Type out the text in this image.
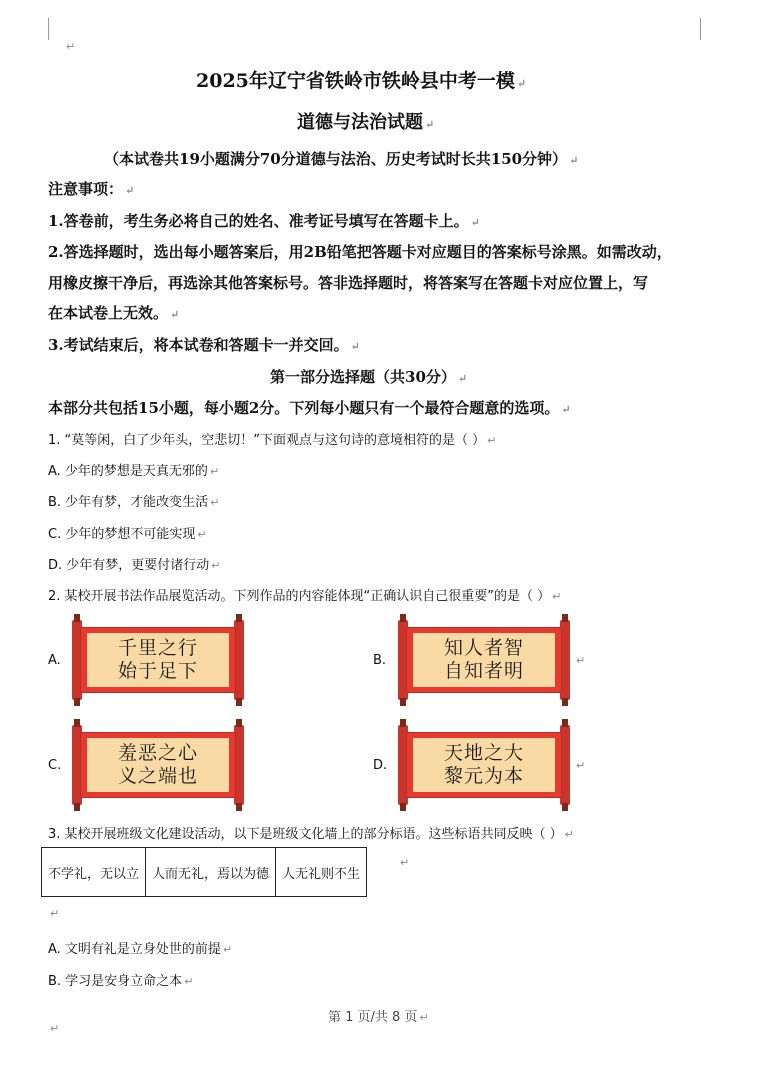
↵
2025年辽宁省铁岭市铁岭县中考一模 ↵
道德与法治试题 ↵
（本试卷共19小题满分70分道德与法治、历史考试时长共150分钟） ↵
注意事项： ↵
1.答卷前，考生务必将自己的姓名、准考证号填写在答题卡上。 ↵
2.答选择题时，选出每小题答案后，用2B铅笔把答题卡对应题目的答案标号涂黑。如需改动，
用橡皮擦干净后，再选涂其他答案标号。答非选择题时，将答案写在答题卡对应位置上，写
在本试卷上无效。 ↵
3.考试结束后，将本试卷和答题卡一并交回。 ↵
第一部分选择题（共30分） ↵
本部分共包括15小题，每小题2分。下列每小题只有一个最符合题意的选项。 ↵
1. “莫等闲，白了少年头，空悲切！”下面观点与这句诗的意境相符的是（ ） ↵
A. 少年的梦想是天真无邪的 ↵
B. 少年有梦，才能改变生活 ↵
C. 少年的梦想不可能实现 ↵
D. 少年有梦，更要付诸行动 ↵
2. 某校开展书法作品展览活动。下列作品的内容能体现“正确认识自己很重要”的是（ ） ↵
A.
千里之行
始于足下	B.
知人者智
自知者明	↵
C.
羞恶之心
义之端也	D.
天地之大
黎元为本	↵
3. 某校开展班级文化建设活动，以下是班级文化墙上的部分标语。这些标语共同反映（ ） ↵
不学礼，无以立	人而无礼，焉以为德	人无礼则不生
↵
↵
A. 文明有礼是立身处世的前提 ↵
B. 学习是安身立命之本 ↵
第 1 页/共 8 页 ↵
↵
